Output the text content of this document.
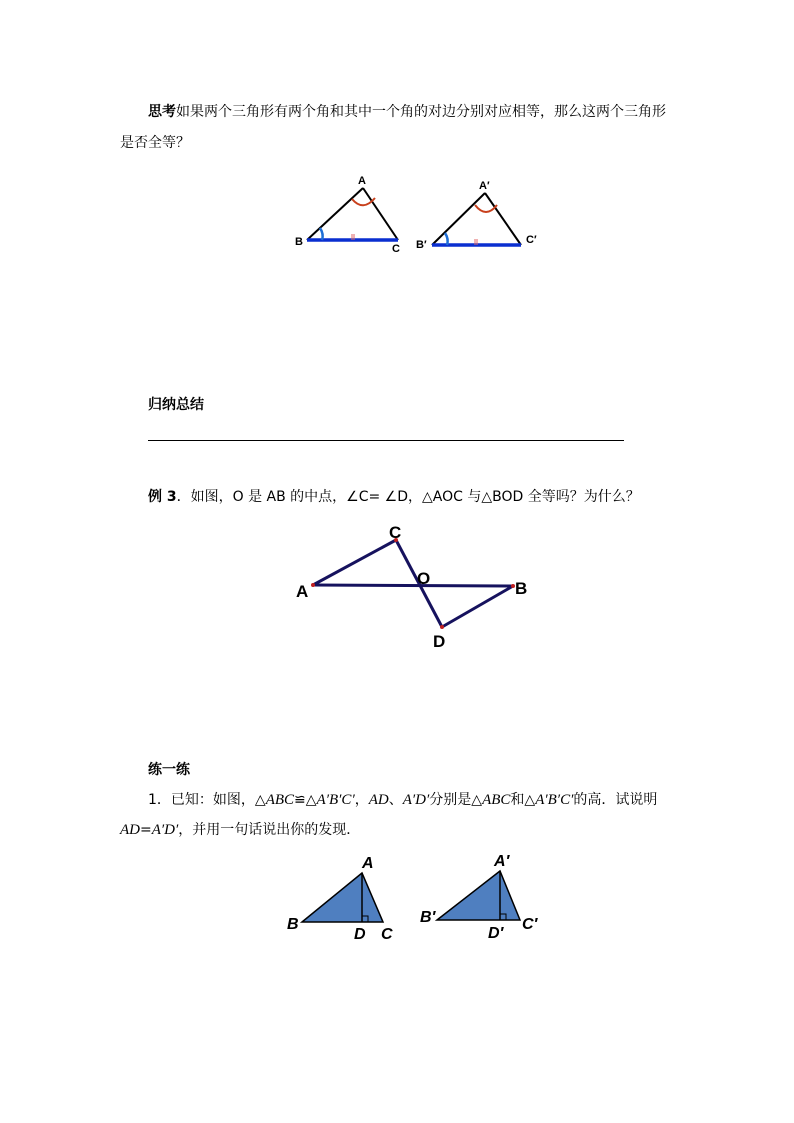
思考如果两个三角形有两个角和其中一个角的对边分别对应相等，那么这两个三角形
是否全等？
A
B
C
A′
B′	C′
归纳总结
例 3．如图，O 是 AB 的中点，∠C= ∠D，△AOC 与△BOD 全等吗？为什么？
A
C
O
B
D
练一练
1．已知：如图，△ABC≌△A′B′C′，AD、A′D′分别是△ABC和△A′B′C′的高．试说明
AD=A′D′，并用一句话说出你的发现．
A
B
D C
A′
B′
D′
C′
